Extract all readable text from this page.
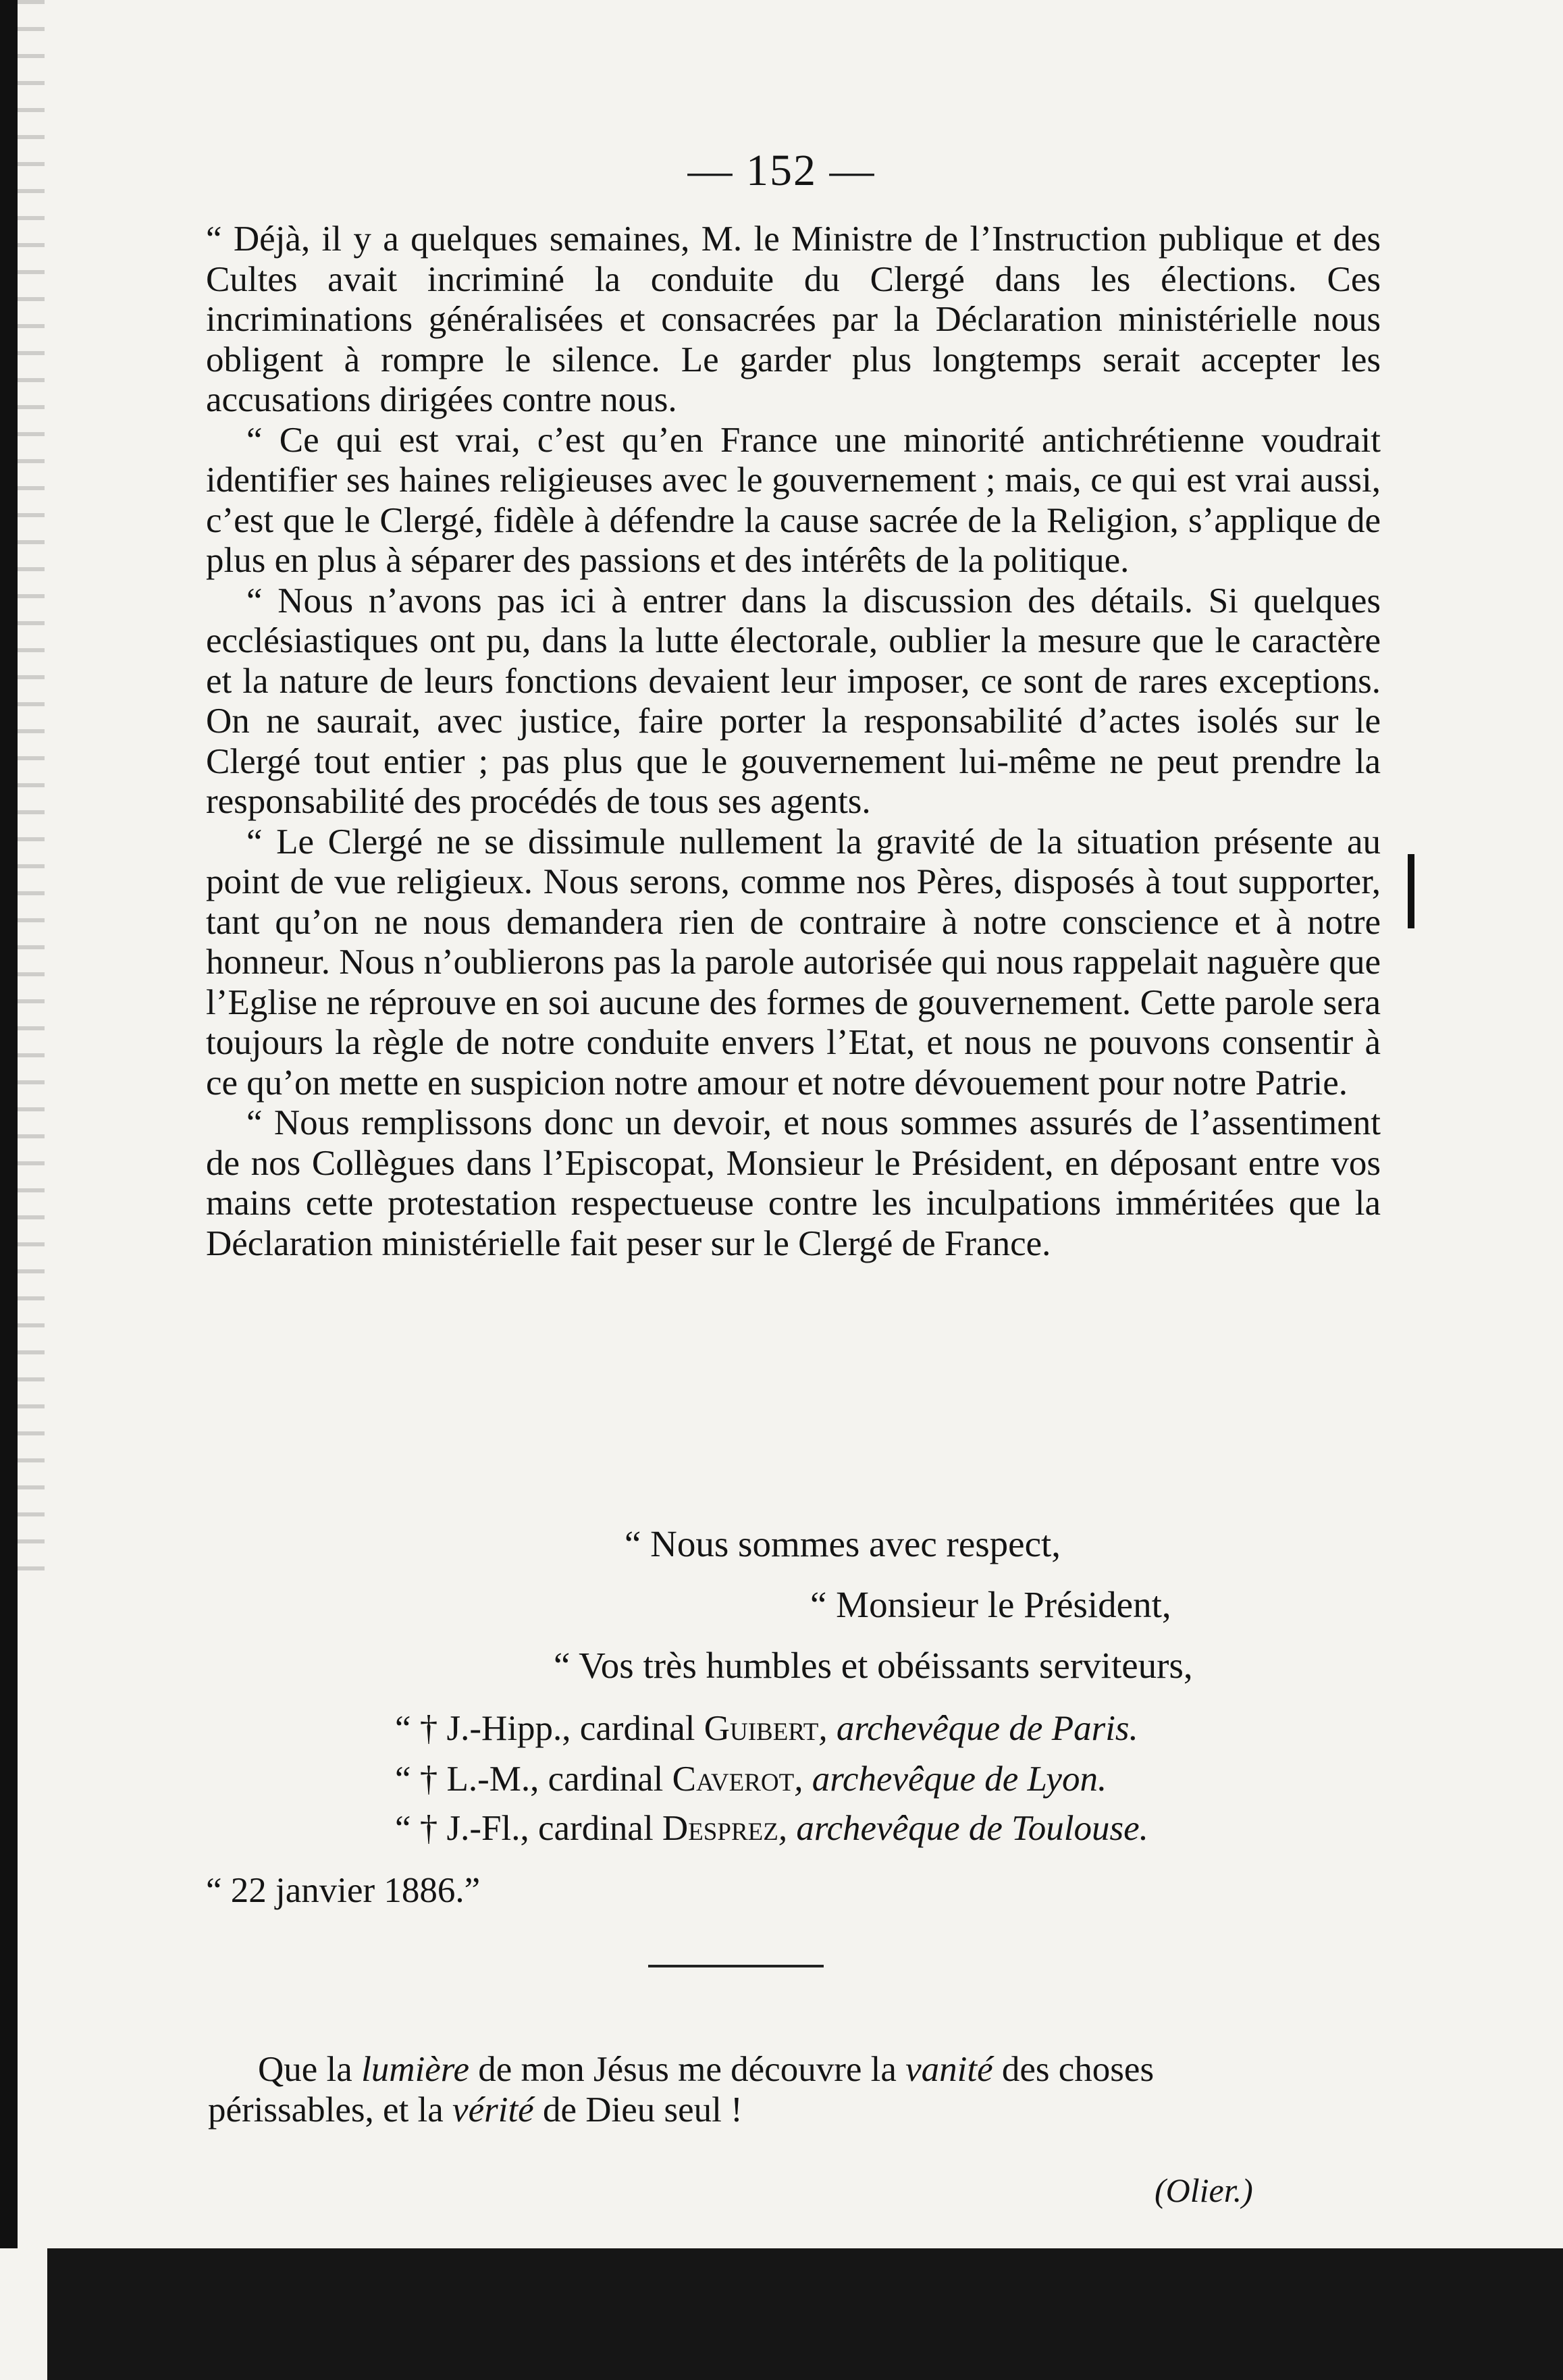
— 152 —

“ Déjà, il y a quelques semaines, M. le Ministre de l’Instruction publique et des Cultes avait incriminé la conduite du Clergé dans les élections. Ces incriminations généralisées et consacrées par la Déclaration ministérielle nous obligent à rompre le silence. Le garder plus longtemps serait accepter les accusations dirigées contre nous.

“ Ce qui est vrai, c’est qu’en France une minorité antichrétienne voudrait identifier ses haines religieuses avec le gouvernement ; mais, ce qui est vrai aussi, c’est que le Clergé, fidèle à défendre la cause sacrée de la Religion, s’applique de plus en plus à séparer des passions et des intérêts de la politique.

“ Nous n’avons pas ici à entrer dans la discussion des détails. Si quelques ecclésiastiques ont pu, dans la lutte électorale, oublier la mesure que le caractère et la nature de leurs fonctions devaient leur imposer, ce sont de rares exceptions. On ne saurait, avec justice, faire porter la responsabilité d’actes isolés sur le Clergé tout entier ; pas plus que le gouvernement lui-même ne peut prendre la responsabilité des procédés de tous ses agents.

“ Le Clergé ne se dissimule nullement la gravité de la situation présente au point de vue religieux. Nous serons, comme nos Pères, disposés à tout supporter, tant qu’on ne nous demandera rien de contraire à notre conscience et à notre honneur. Nous n’oublierons pas la parole autorisée qui nous rappelait naguère que l’Eglise ne réprouve en soi aucune des formes de gouvernement. Cette parole sera toujours la règle de notre conduite envers l’Etat, et nous ne pouvons consentir à ce qu’on mette en suspicion notre amour et notre dévouement pour notre Patrie.

“ Nous remplissons donc un devoir, et nous sommes assurés de l’assentiment de nos Collègues dans l’Episcopat, Monsieur le Président, en déposant entre vos mains cette protestation respectueuse contre les inculpations imméritées que la Déclaration ministérielle fait peser sur le Clergé de France.

“ Nous sommes avec respect,
“ Monsieur le Président,
“ Vos très humbles et obéissants serviteurs,
“ † J.-Hipp., cardinal Guibert, archevêque de Paris.
“ † L.-M., cardinal Caverot, archevêque de Lyon.
“ † J.-Fl., cardinal Desprez, archevêque de Toulouse.
“ 22 janvier 1886.”
Que la lumière de mon Jésus me découvre la vanité des choses
périssables, et la vérité de Dieu seul !
(Olier.)
